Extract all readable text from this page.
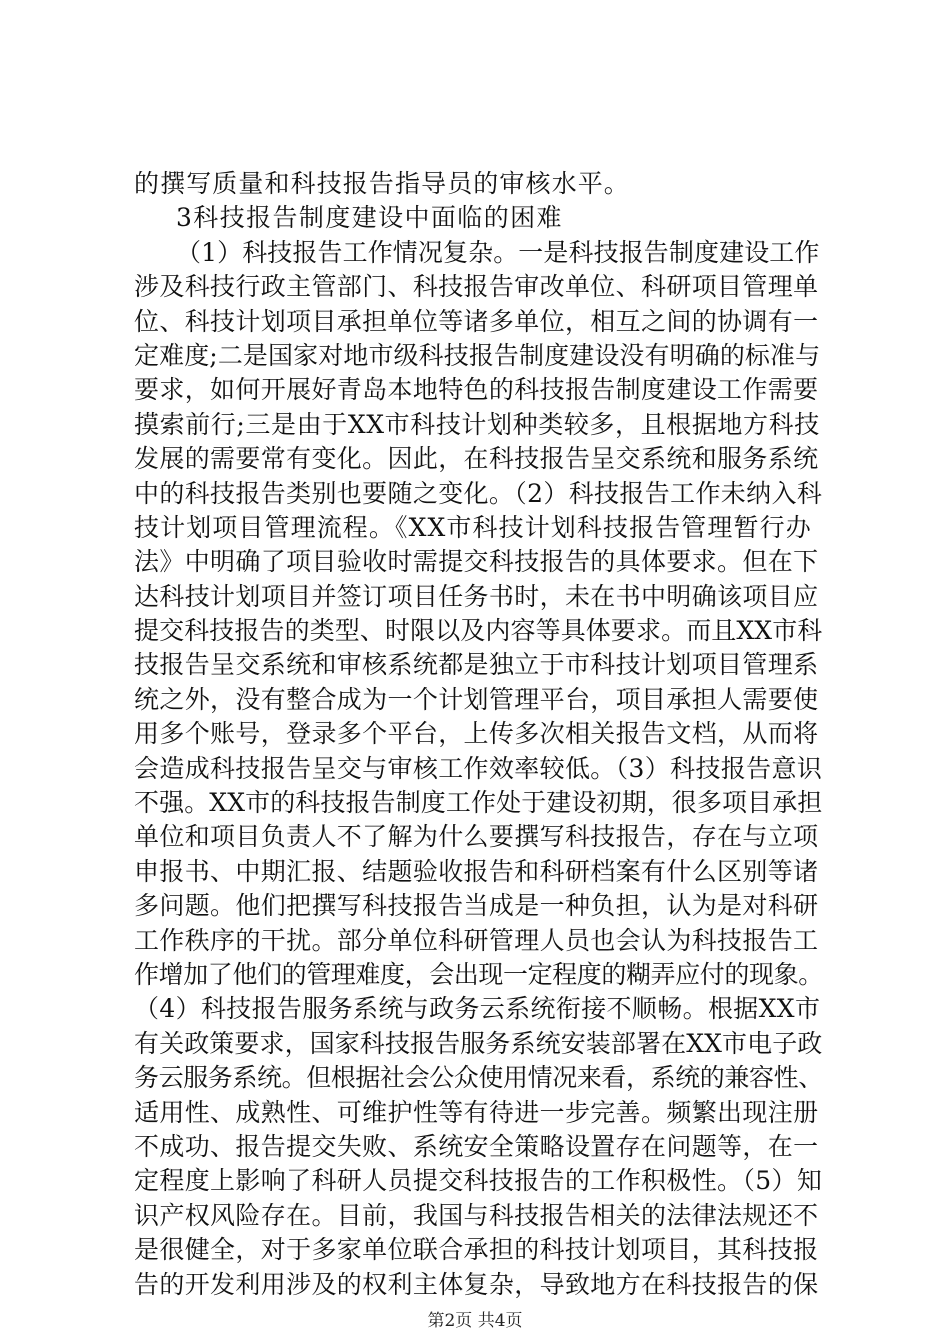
的撰写质量和科技报告指导员的审核水平。
3科技报告制度建设中面临的困难
（1）科技报告工作情况复杂。一是科技报告制度建设工作
涉及科技行政主管部门、科技报告审改单位、科研项目管理单
位、科技计划项目承担单位等诸多单位，相互之间的协调有一
定难度;二是国家对地市级科技报告制度建设没有明确的标准与
要求，如何开展好青岛本地特色的科技报告制度建设工作需要
摸索前行;三是由于XX市科技计划种类较多，且根据地方科技
发展的需要常有变化。因此，在科技报告呈交系统和服务系统
中的科技报告类别也要随之变化。（2）科技报告工作未纳入科
技计划项目管理流程。《XX市科技计划科技报告管理暂行办
法》中明确了项目验收时需提交科技报告的具体要求。但在下
达科技计划项目并签订项目任务书时，未在书中明确该项目应
提交科技报告的类型、时限以及内容等具体要求。而且XX市科
技报告呈交系统和审核系统都是独立于市科技计划项目管理系
统之外，没有整合成为一个计划管理平台，项目承担人需要使
用多个账号，登录多个平台，上传多次相关报告文档，从而将
会造成科技报告呈交与审核工作效率较低。（3）科技报告意识
不强。XX市的科技报告制度工作处于建设初期，很多项目承担
单位和项目负责人不了解为什么要撰写科技报告，存在与立项
申报书、中期汇报、结题验收报告和科研档案有什么区别等诸
多问题。他们把撰写科技报告当成是一种负担，认为是对科研
工作秩序的干扰。部分单位科研管理人员也会认为科技报告工
作增加了他们的管理难度，会出现一定程度的糊弄应付的现象。
（4）科技报告服务系统与政务云系统衔接不顺畅。根据XX市
有关政策要求，国家科技报告服务系统安装部署在XX市电子政
务云服务系统。但根据社会公众使用情况来看，系统的兼容性、
适用性、成熟性、可维护性等有待进一步完善。频繁出现注册
不成功、报告提交失败、系统安全策略设置存在问题等，在一
定程度上影响了科研人员提交科技报告的工作积极性。（5）知
识产权风险存在。目前，我国与科技报告相关的法律法规还不
是很健全，对于多家单位联合承担的科技计划项目，其科技报
告的开发利用涉及的权利主体复杂，导致地方在科技报告的保
第2页 共4页
